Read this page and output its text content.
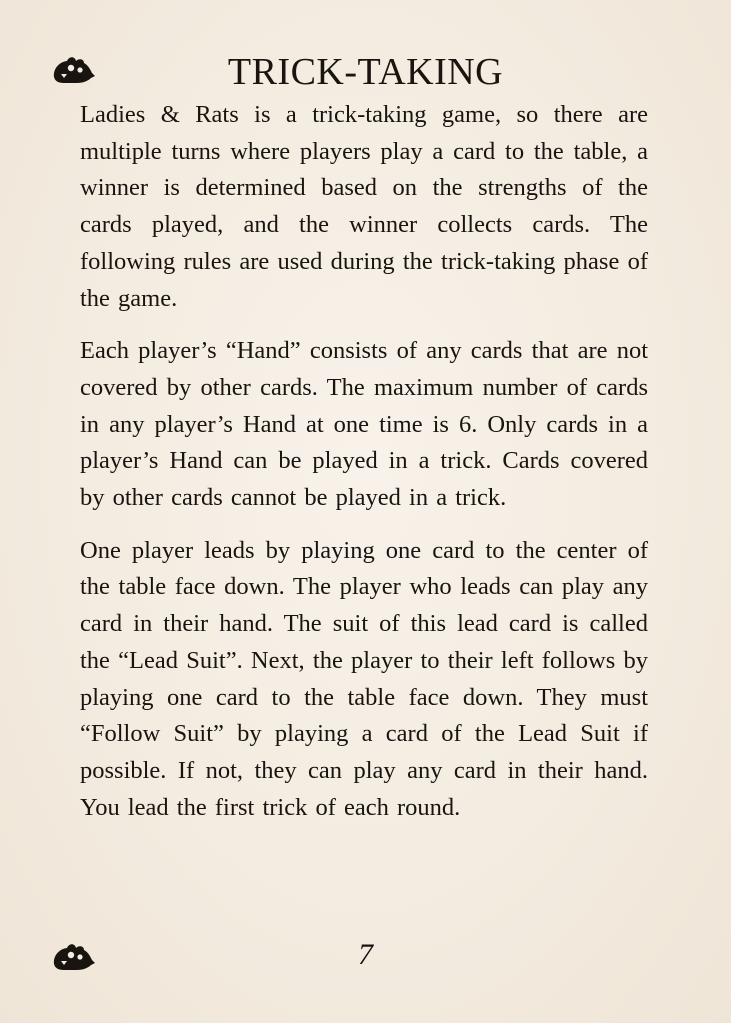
TRICK-TAKING

Ladies & Rats is a trick-taking game, so there are multiple turns where players play a card to the table, a winner is determined based on the strengths of the cards played, and the winner collects cards. The following rules are used during the trick-taking phase of the game.

Each player’s “Hand” consists of any cards that are not covered by other cards. The maximum number of cards in any player’s Hand at one time is 6. Only cards in a player’s Hand can be played in a trick. Cards covered by other cards cannot be played in a trick.

One player leads by playing one card to the center of the table face down. The player who leads can play any card in their hand. The suit of this lead card is called the “Lead Suit”. Next, the player to their left follows by playing one card to the table face down. They must “Follow Suit” by playing a card of the Lead Suit if possible. If not, they can play any card in their hand. You lead the first trick of each round.

7
